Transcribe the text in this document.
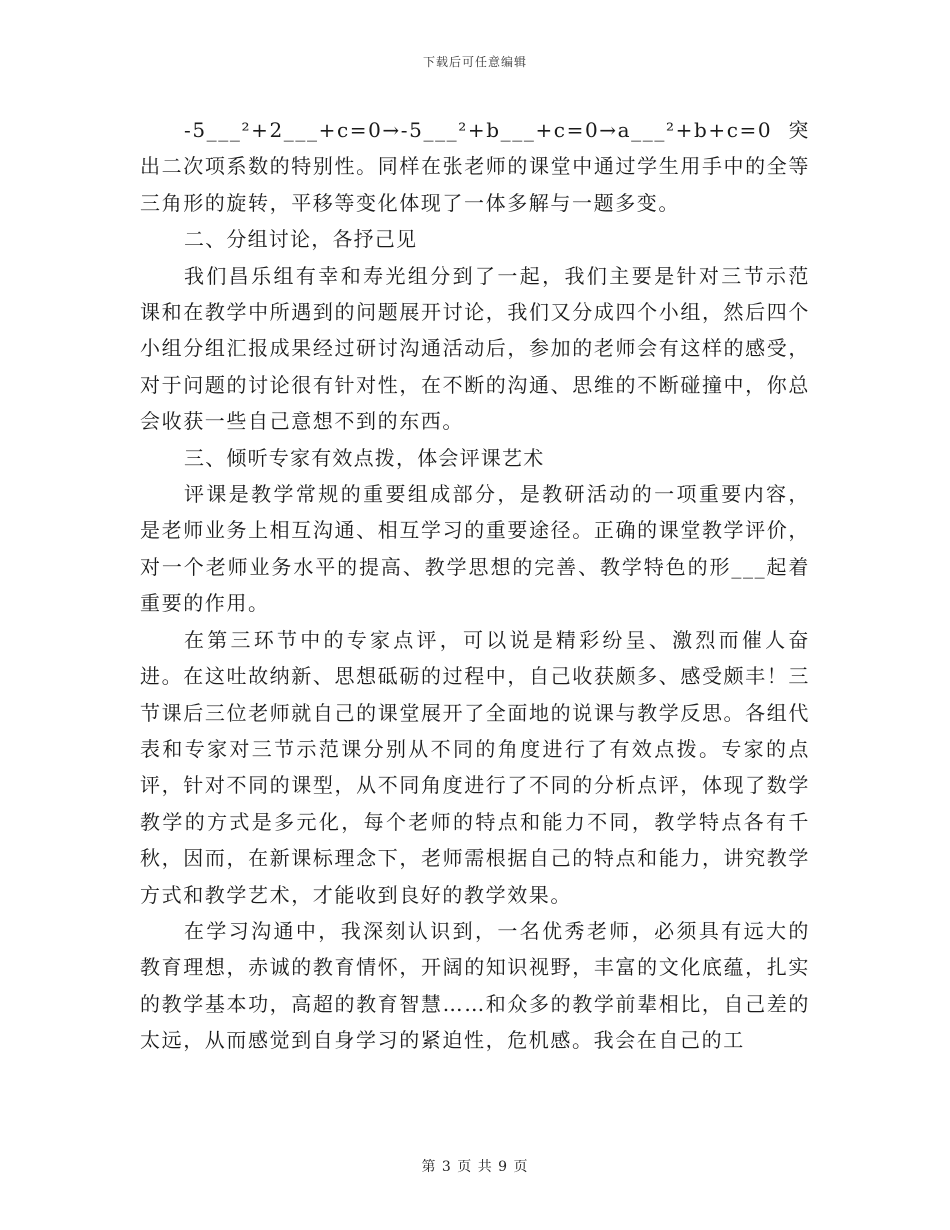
下载后可任意编辑

-5___²+2___+c=0→-5___²+b___+c=0→a___²+b+c=0突出二次项系数的特别性。同样在张老师的课堂中通过学生用手中的全等三角形的旋转，平移等变化体现了一体多解与一题多变。

二、分组讨论，各抒己见

我们昌乐组有幸和寿光组分到了一起，我们主要是针对三节示范课和在教学中所遇到的问题展开讨论，我们又分成四个小组，然后四个小组分组汇报成果经过研讨沟通活动后，参加的老师会有这样的感受，对于问题的讨论很有针对性，在不断的沟通、思维的不断碰撞中，你总会收获一些自己意想不到的东西。

三、倾听专家有效点拨，体会评课艺术

评课是教学常规的重要组成部分，是教研活动的一项重要内容，是老师业务上相互沟通、相互学习的重要途径。正确的课堂教学评价，对一个老师业务水平的提高、教学思想的完善、教学特色的形___起着重要的作用。

在第三环节中的专家点评，可以说是精彩纷呈、激烈而催人奋进。在这吐故纳新、思想砥砺的过程中，自己收获颇多、感受颇丰！三节课后三位老师就自己的课堂展开了全面地的说课与教学反思。各组代表和专家对三节示范课分别从不同的角度进行了有效点拨。专家的点评，针对不同的课型，从不同角度进行了不同的分析点评，体现了数学教学的方式是多元化，每个老师的特点和能力不同，教学特点各有千秋，因而，在新课标理念下，老师需根据自己的特点和能力，讲究教学方式和教学艺术，才能收到良好的教学效果。

在学习沟通中，我深刻认识到，一名优秀老师，必须具有远大的教育理想，赤诚的教育情怀，开阔的知识视野，丰富的文化底蕴，扎实的教学基本功，高超的教育智慧……和众多的教学前辈相比，自己差的太远，从而感觉到自身学习的紧迫性，危机感。我会在自己的工

第 3 页 共 9 页
